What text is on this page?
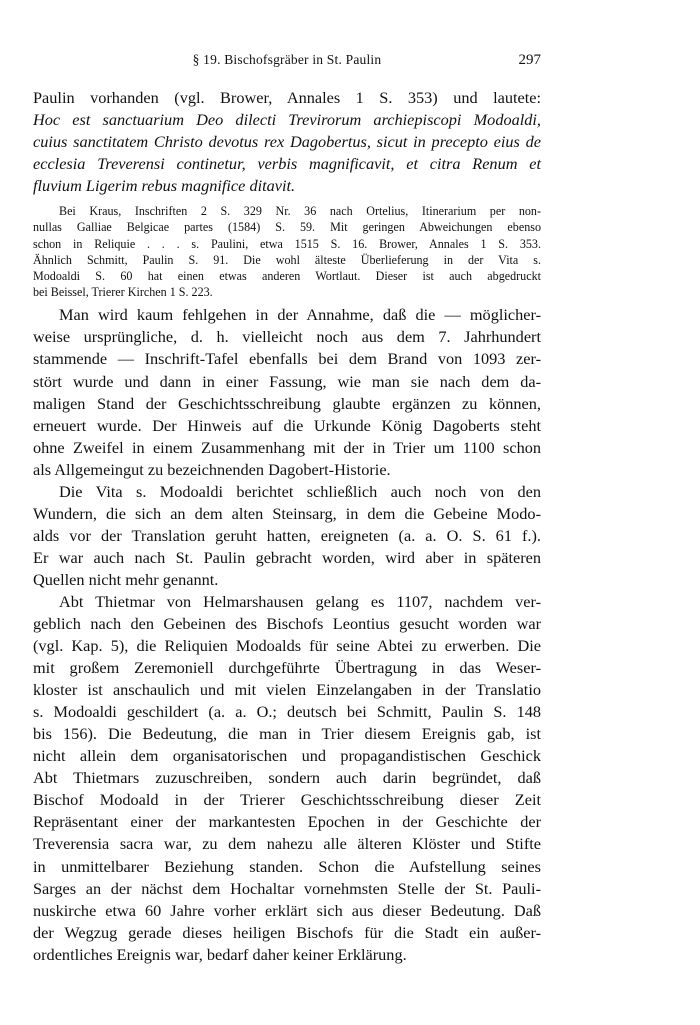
§ 19. Bischofsgräber in St. Paulin	297
Paulin vorhanden (vgl. Brower, Annales 1 S. 353) und lautete:
Hoc est sanctuarium Deo dilecti Trevirorum archiepiscopi Modoaldi,
cuius sanctitatem Christo devotus rex Dagobertus, sicut in precepto eius de
ecclesia Treverensi continetur, verbis magnificavit, et citra Renum et
fluvium Ligerim rebus magnifice ditavit.
Bei Kraus, Inschriften 2 S. 329 Nr. 36 nach Ortelius, Itinerarium per non-
nullas Galliae Belgicae partes (1584) S. 59. Mit geringen Abweichungen ebenso
schon in Reliquie . . . s. Paulini, etwa 1515 S. 16. Brower, Annales 1 S. 353.
Ähnlich Schmitt, Paulin S. 91. Die wohl älteste Überlieferung in der Vita s.
Modoaldi S. 60 hat einen etwas anderen Wortlaut. Dieser ist auch abgedruckt
bei Beissel, Trierer Kirchen 1 S. 223.
Man wird kaum fehlgehen in der Annahme, daß die — möglicher-
weise ursprüngliche, d. h. vielleicht noch aus dem 7. Jahrhundert
stammende — Inschrift-Tafel ebenfalls bei dem Brand von 1093 zer-
stört wurde und dann in einer Fassung, wie man sie nach dem da-
maligen Stand der Geschichtsschreibung glaubte ergänzen zu können,
erneuert wurde. Der Hinweis auf die Urkunde König Dagoberts steht
ohne Zweifel in einem Zusammenhang mit der in Trier um 1100 schon
als Allgemeingut zu bezeichnenden Dagobert-Historie.
Die Vita s. Modoaldi berichtet schließlich auch noch von den
Wundern, die sich an dem alten Steinsarg, in dem die Gebeine Modo-
alds vor der Translation geruht hatten, ereigneten (a. a. O. S. 61 f.).
Er war auch nach St. Paulin gebracht worden, wird aber in späteren
Quellen nicht mehr genannt.
Abt Thietmar von Helmarshausen gelang es 1107, nachdem ver-
geblich nach den Gebeinen des Bischofs Leontius gesucht worden war
(vgl. Kap. 5), die Reliquien Modoalds für seine Abtei zu erwerben. Die
mit großem Zeremoniell durchgeführte Übertragung in das Weser-
kloster ist anschaulich und mit vielen Einzelangaben in der Translatio
s. Modoaldi geschildert (a. a. O.; deutsch bei Schmitt, Paulin S. 148
bis 156). Die Bedeutung, die man in Trier diesem Ereignis gab, ist
nicht allein dem organisatorischen und propagandistischen Geschick
Abt Thietmars zuzuschreiben, sondern auch darin begründet, daß
Bischof Modoald in der Trierer Geschichtsschreibung dieser Zeit
Repräsentant einer der markantesten Epochen in der Geschichte der
Treverensia sacra war, zu dem nahezu alle älteren Klöster und Stifte
in unmittelbarer Beziehung standen. Schon die Aufstellung seines
Sarges an der nächst dem Hochaltar vornehmsten Stelle der St. Pauli-
nuskirche etwa 60 Jahre vorher erklärt sich aus dieser Bedeutung. Daß
der Wegzug gerade dieses heiligen Bischofs für die Stadt ein außer-
ordentliches Ereignis war, bedarf daher keiner Erklärung.
